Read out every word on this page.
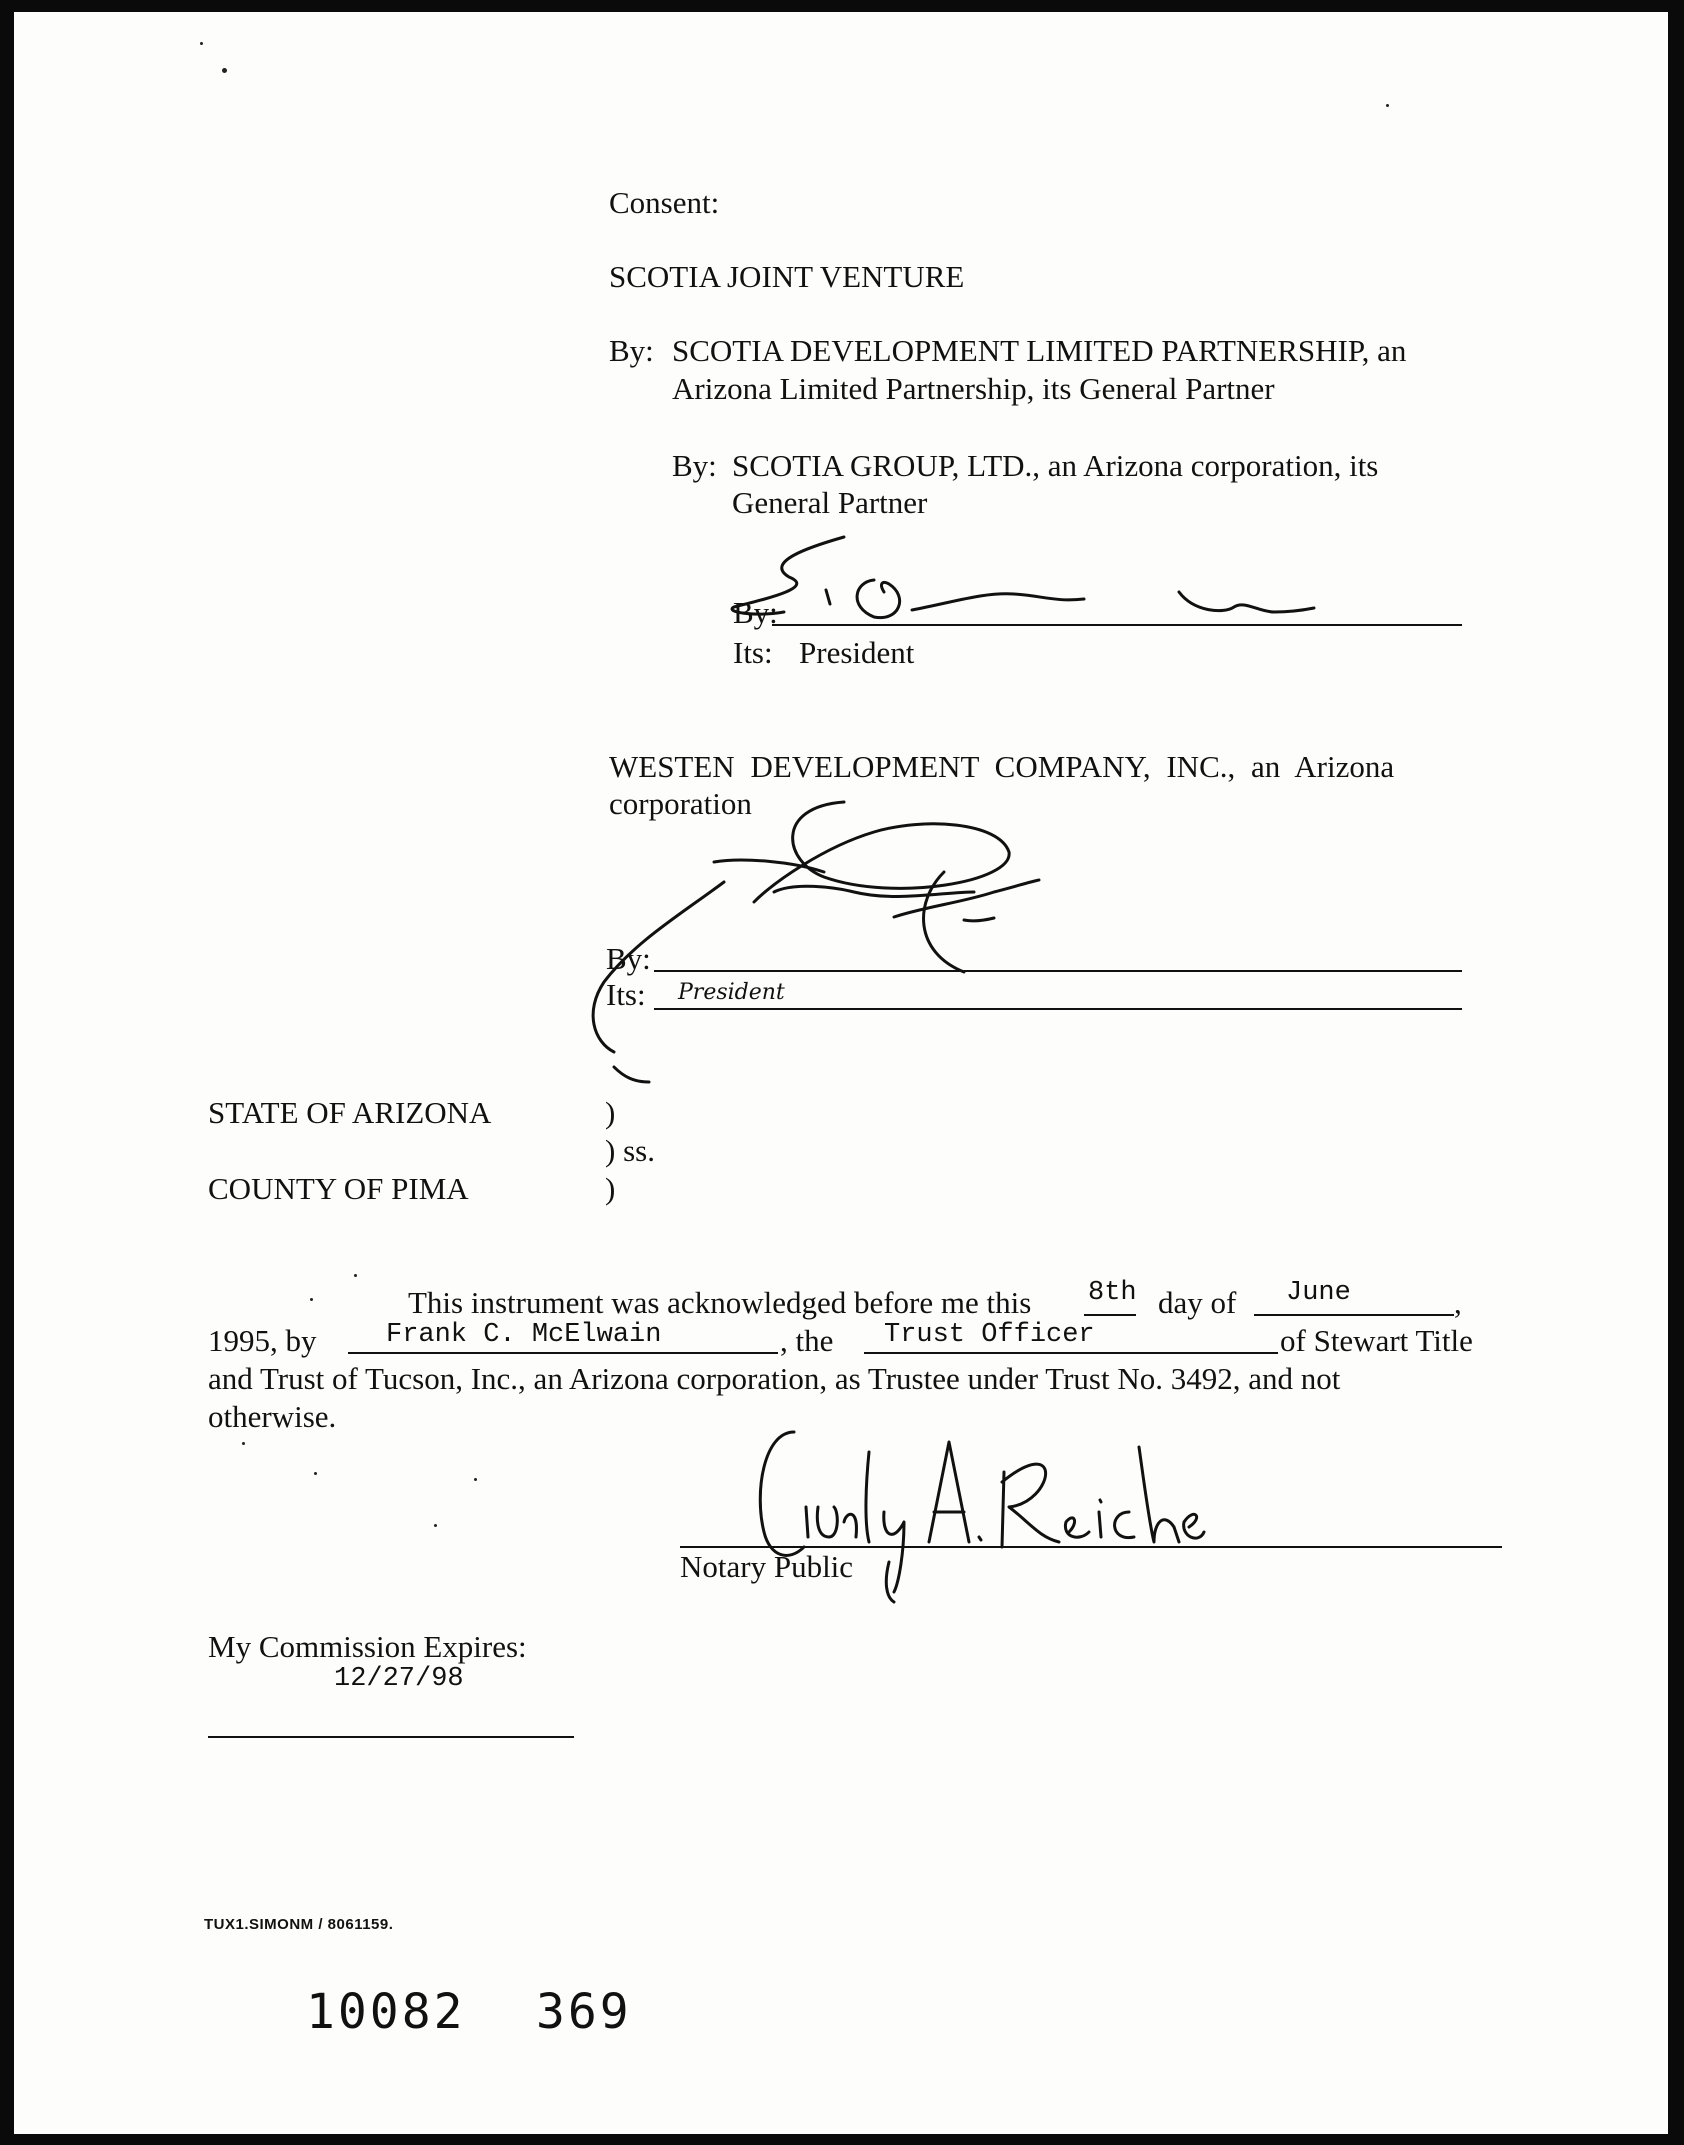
Consent:
SCOTIA JOINT VENTURE
By: SCOTIA DEVELOPMENT LIMITED PARTNERSHIP, an
Arizona Limited Partnership, its General Partner
By: SCOTIA GROUP, LTD., an Arizona corporation, its
General Partner
By:
Its: President
WESTEN DEVELOPMENT COMPANY, INC., an Arizona
corporation
By:
Its: President
STATE OF ARIZONA	)
) ss.
COUNTY OF PIMA	)
This instrument was acknowledged before me this 8th day of June	,
1995, by	Frank C. McElwain	, the Trust Officer	of Stewart Title
and Trust of Tucson, Inc., an Arizona corporation, as Trustee under Trust No. 3492, and not
otherwise.
Notary Public
My Commission Expires:
12/27/98
TUX1.SIMONM / 8061159.
10082 369
